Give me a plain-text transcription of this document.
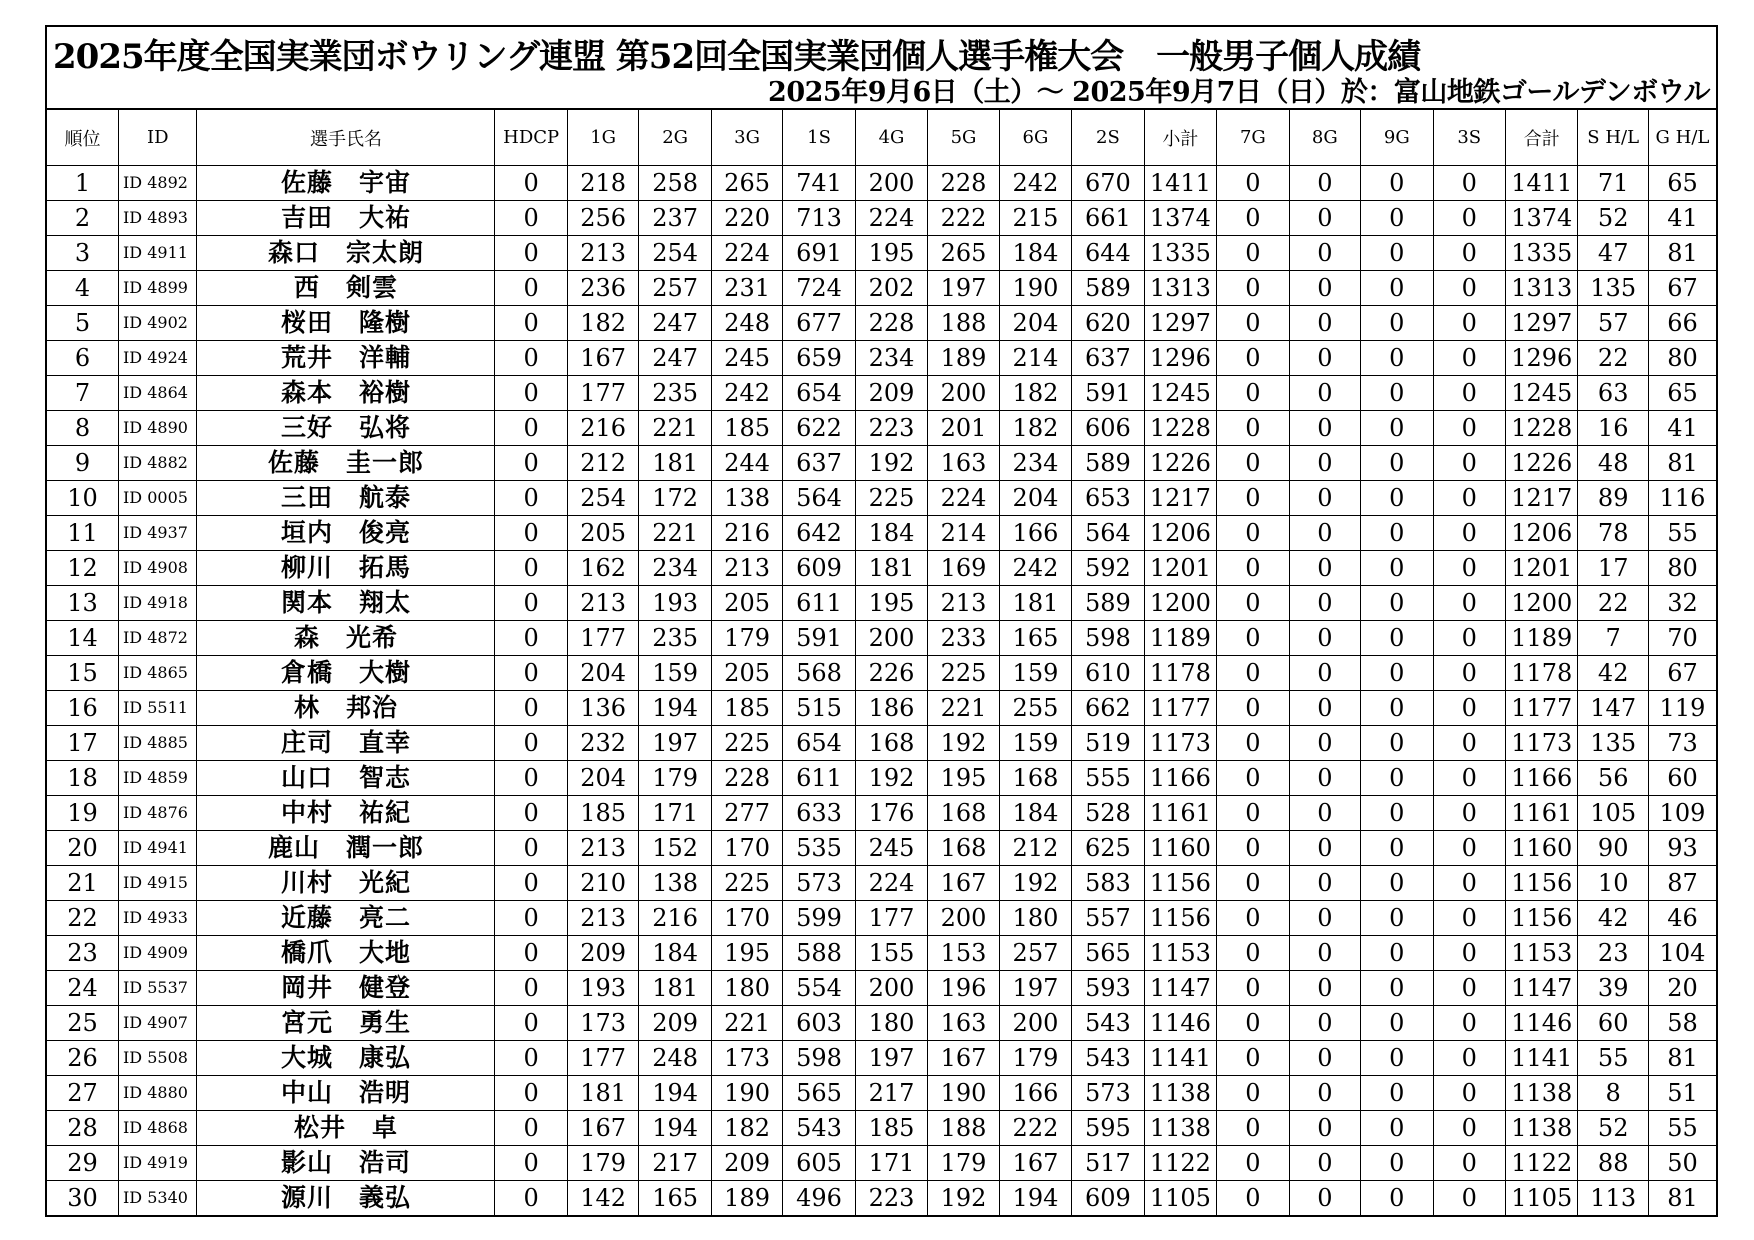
2025年度全国実業団ボウリング連盟 第52回全国実業団個人選手権大会　一般男子個人成績
2025年9月6日（土）～ 2025年9月7日（日）於：富山地鉄ゴールデンボウル
順位	ID	選手氏名	HDCP	1G	2G	3G	1S	4G	5G	6G	2S	小計	7G	8G	9G	3S	合計	S H/L	G H/L
1	ID 4892	佐藤　宇宙	0	218	258	265	741	200	228	242	670	1411	0	0	0	0	1411	71	65
2	ID 4893	吉田　大祐	0	256	237	220	713	224	222	215	661	1374	0	0	0	0	1374	52	41
3	ID 4911	森口　宗太朗	0	213	254	224	691	195	265	184	644	1335	0	0	0	0	1335	47	81
4	ID 4899	西　剣雲	0	236	257	231	724	202	197	190	589	1313	0	0	0	0	1313	135	67
5	ID 4902	桜田　隆樹	0	182	247	248	677	228	188	204	620	1297	0	0	0	0	1297	57	66
6	ID 4924	荒井　洋輔	0	167	247	245	659	234	189	214	637	1296	0	0	0	0	1296	22	80
7	ID 4864	森本　裕樹	0	177	235	242	654	209	200	182	591	1245	0	0	0	0	1245	63	65
8	ID 4890	三好　弘将	0	216	221	185	622	223	201	182	606	1228	0	0	0	0	1228	16	41
9	ID 4882	佐藤　圭一郎	0	212	181	244	637	192	163	234	589	1226	0	0	0	0	1226	48	81
10	ID 0005	三田　航泰	0	254	172	138	564	225	224	204	653	1217	0	0	0	0	1217	89	116
11	ID 4937	垣内　俊亮	0	205	221	216	642	184	214	166	564	1206	0	0	0	0	1206	78	55
12	ID 4908	柳川　拓馬	0	162	234	213	609	181	169	242	592	1201	0	0	0	0	1201	17	80
13	ID 4918	関本　翔太	0	213	193	205	611	195	213	181	589	1200	0	0	0	0	1200	22	32
14	ID 4872	森　光希	0	177	235	179	591	200	233	165	598	1189	0	0	0	0	1189	7	70
15	ID 4865	倉橋　大樹	0	204	159	205	568	226	225	159	610	1178	0	0	0	0	1178	42	67
16	ID 5511	林　邦治	0	136	194	185	515	186	221	255	662	1177	0	0	0	0	1177	147	119
17	ID 4885	庄司　直幸	0	232	197	225	654	168	192	159	519	1173	0	0	0	0	1173	135	73
18	ID 4859	山口　智志	0	204	179	228	611	192	195	168	555	1166	0	0	0	0	1166	56	60
19	ID 4876	中村　祐紀	0	185	171	277	633	176	168	184	528	1161	0	0	0	0	1161	105	109
20	ID 4941	鹿山　潤一郎	0	213	152	170	535	245	168	212	625	1160	0	0	0	0	1160	90	93
21	ID 4915	川村　光紀	0	210	138	225	573	224	167	192	583	1156	0	0	0	0	1156	10	87
22	ID 4933	近藤　亮二	0	213	216	170	599	177	200	180	557	1156	0	0	0	0	1156	42	46
23	ID 4909	橋爪　大地	0	209	184	195	588	155	153	257	565	1153	0	0	0	0	1153	23	104
24	ID 5537	岡井　健登	0	193	181	180	554	200	196	197	593	1147	0	0	0	0	1147	39	20
25	ID 4907	宮元　勇生	0	173	209	221	603	180	163	200	543	1146	0	0	0	0	1146	60	58
26	ID 5508	大城　康弘	0	177	248	173	598	197	167	179	543	1141	0	0	0	0	1141	55	81
27	ID 4880	中山　浩明	0	181	194	190	565	217	190	166	573	1138	0	0	0	0	1138	8	51
28	ID 4868	松井　卓	0	167	194	182	543	185	188	222	595	1138	0	0	0	0	1138	52	55
29	ID 4919	影山　浩司	0	179	217	209	605	171	179	167	517	1122	0	0	0	0	1122	88	50
30	ID 5340	源川　義弘	0	142	165	189	496	223	192	194	609	1105	0	0	0	0	1105	113	81
